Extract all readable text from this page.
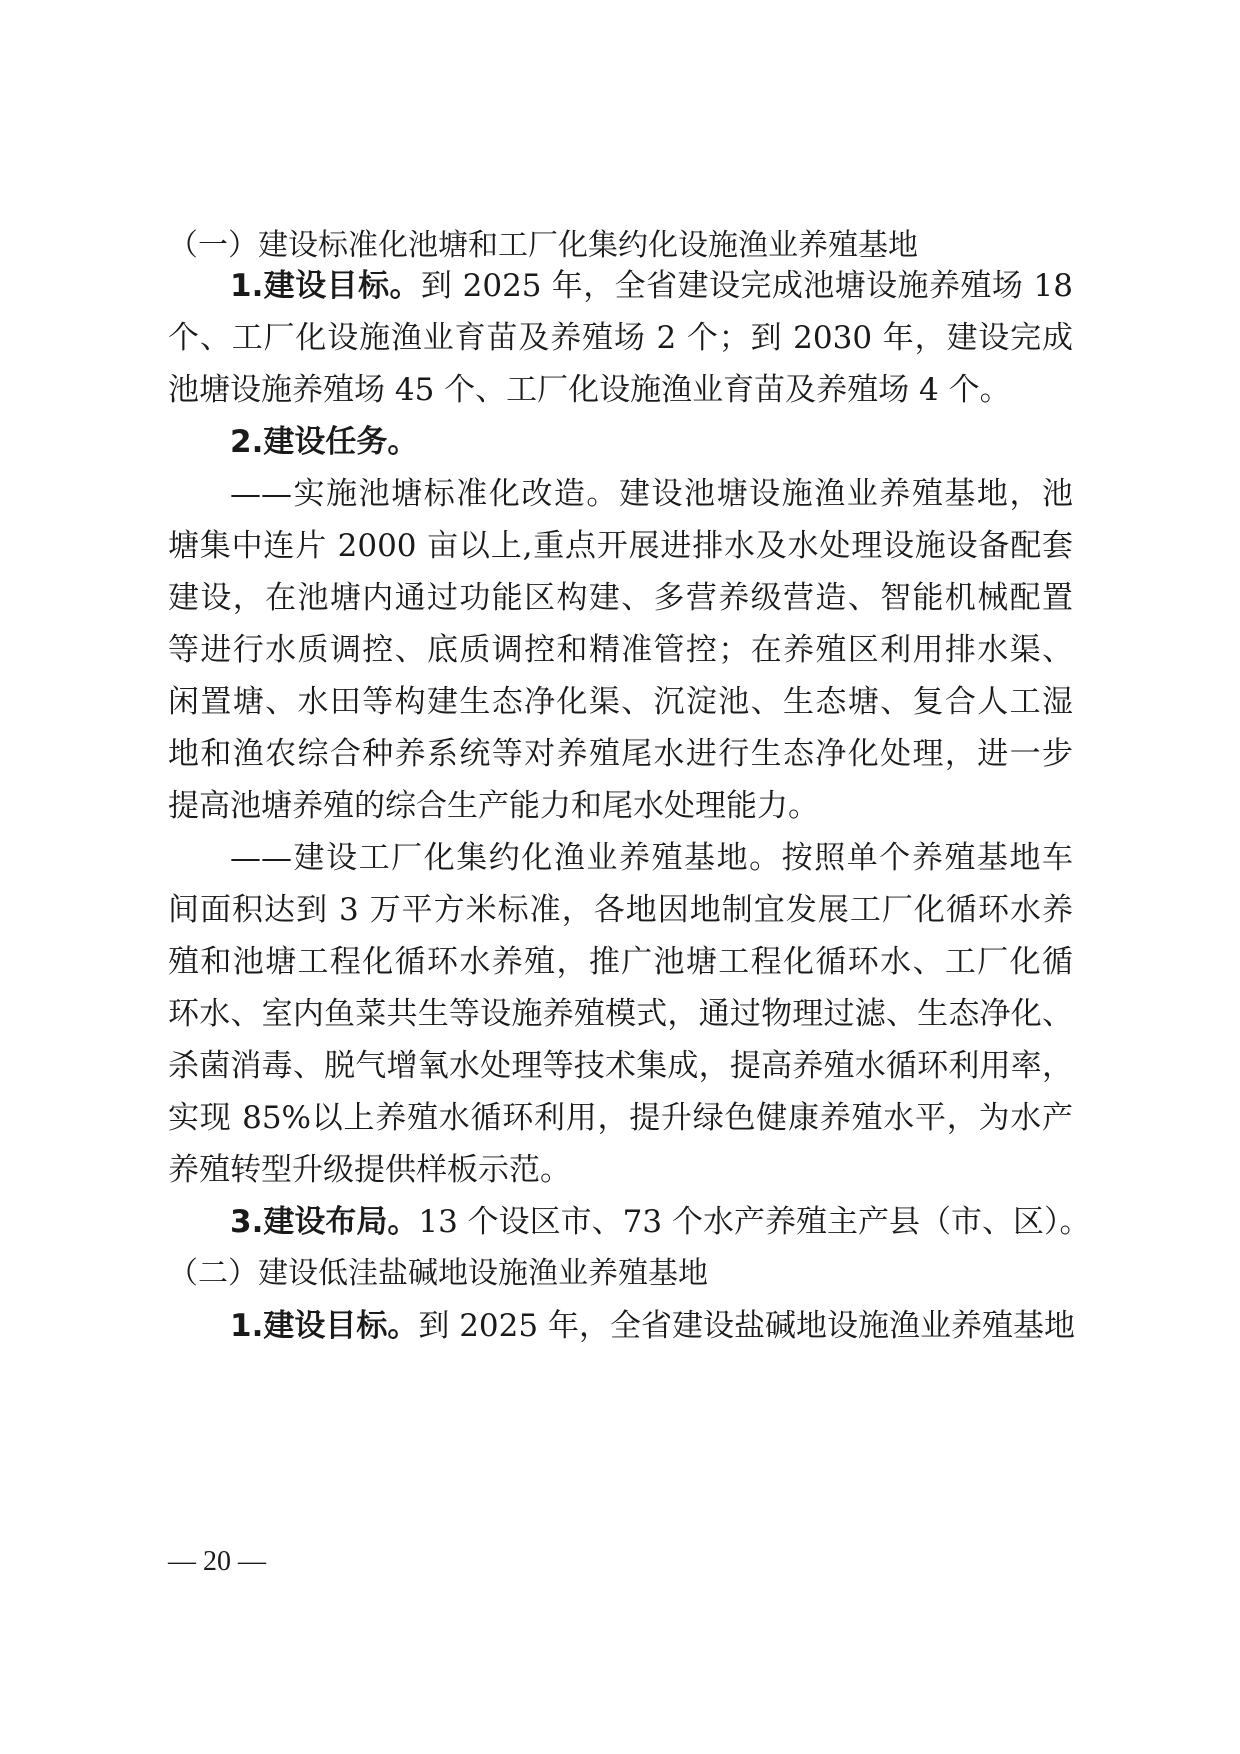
（一）建设标准化池塘和工厂化集约化设施渔业养殖基地
1.建设目标。到 2025 年，全省建设完成池塘设施养殖场 18
个、工厂化设施渔业育苗及养殖场 2 个；到 2030 年，建设完成
池塘设施养殖场 45 个、工厂化设施渔业育苗及养殖场 4 个。
2.建设任务。
——实施池塘标准化改造。建设池塘设施渔业养殖基地，池
塘集中连片 2000 亩以上,重点开展进排水及水处理设施设备配套
建设，在池塘内通过功能区构建、多营养级营造、智能机械配置
等进行水质调控、底质调控和精准管控；在养殖区利用排水渠、
闲置塘、水田等构建生态净化渠、沉淀池、生态塘、复合人工湿
地和渔农综合种养系统等对养殖尾水进行生态净化处理，进一步
提高池塘养殖的综合生产能力和尾水处理能力。
——建设工厂化集约化渔业养殖基地。按照单个养殖基地车
间面积达到 3 万平方米标准，各地因地制宜发展工厂化循环水养
殖和池塘工程化循环水养殖，推广池塘工程化循环水、工厂化循
环水、室内鱼菜共生等设施养殖模式，通过物理过滤、生态净化、
杀菌消毒、脱气增氧水处理等技术集成，提高养殖水循环利用率，
实现 85%以上养殖水循环利用，提升绿色健康养殖水平，为水产
养殖转型升级提供样板示范。
3.建设布局。13 个设区市、73 个水产养殖主产县（市、区）。
（二）建设低洼盐碱地设施渔业养殖基地
1.建设目标。到 2025 年，全省建设盐碱地设施渔业养殖基地
— 20 —
